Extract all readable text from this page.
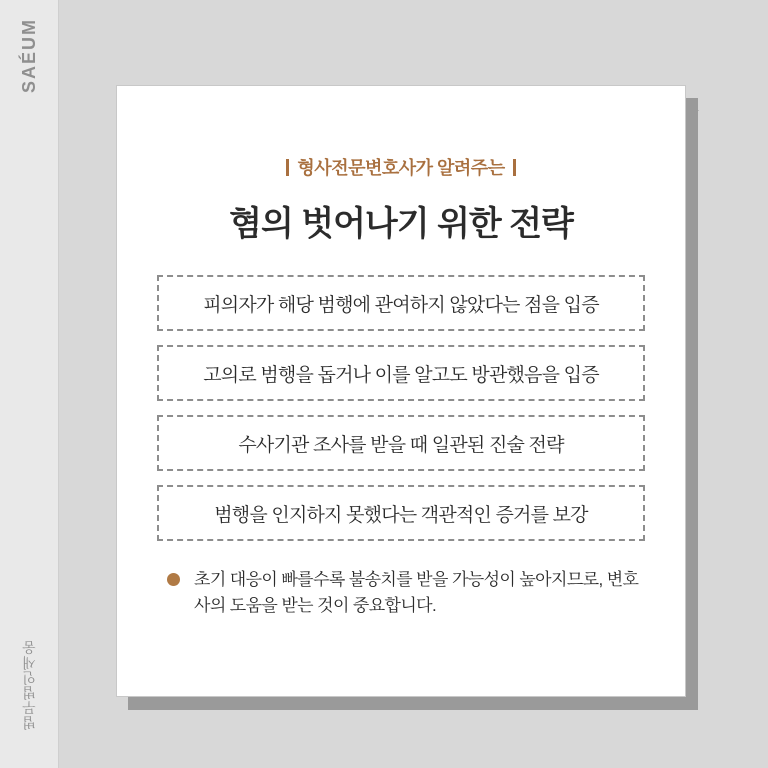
SAÉUM
법무법인새움
형사전문변호사가 알려주는
혐의 벗어나기 위한 전략
피의자가 해당 범행에 관여하지 않았다는 점을 입증
고의로 범행을 돕거나 이를 알고도 방관했음을 입증
수사기관 조사를 받을 때 일관된 진술 전략
범행을 인지하지 못했다는 객관적인 증거를 보강
초기 대응이 빠를수록 불송치를 받을 가능성이 높아지므로, 변호사의 도움을 받는 것이 중요합니다.
